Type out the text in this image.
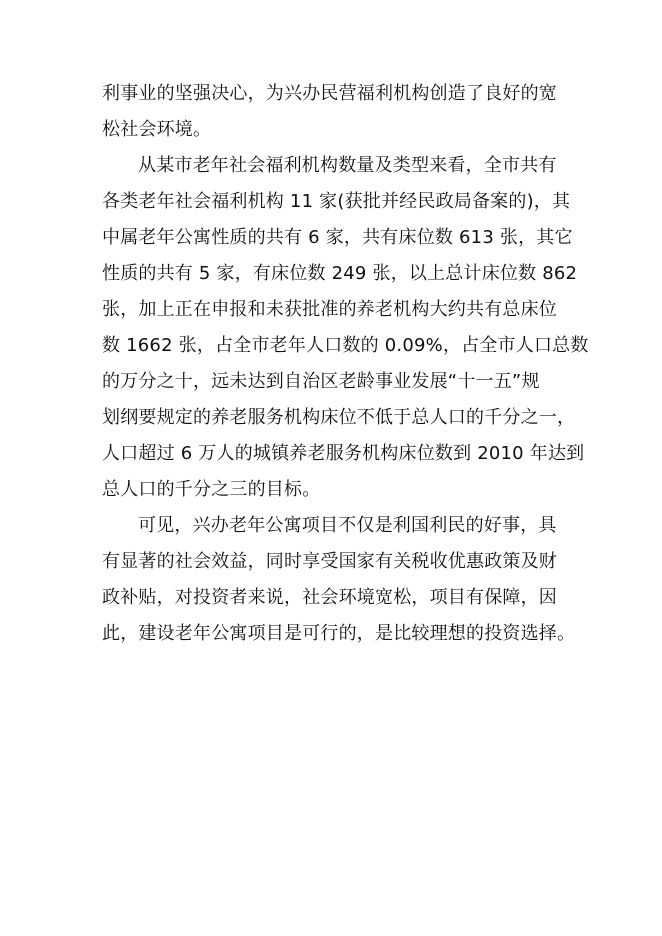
利事业的坚强决心，为兴办民营福利机构创造了良好的宽
松社会环境。
从某市老年社会福利机构数量及类型来看，全市共有
各类老年社会福利机构 11 家(获批并经民政局备案的)，其
中属老年公寓性质的共有 6 家，共有床位数 613 张，其它
性质的共有 5 家，有床位数 249 张，以上总计床位数 862
张，加上正在申报和未获批准的养老机构大约共有总床位
数 1662 张，占全市老年人口数的 0.09%，占全市人口总数
的万分之十，远未达到自治区老龄事业发展“十一五”规
划纲要规定的养老服务机构床位不低于总人口的千分之一，
人口超过 6 万人的城镇养老服务机构床位数到 2010 年达到
总人口的千分之三的目标。
可见，兴办老年公寓项目不仅是利国利民的好事，具
有显著的社会效益，同时享受国家有关税收优惠政策及财
政补贴，对投资者来说，社会环境宽松，项目有保障，因
此，建设老年公寓项目是可行的，是比较理想的投资选择。
